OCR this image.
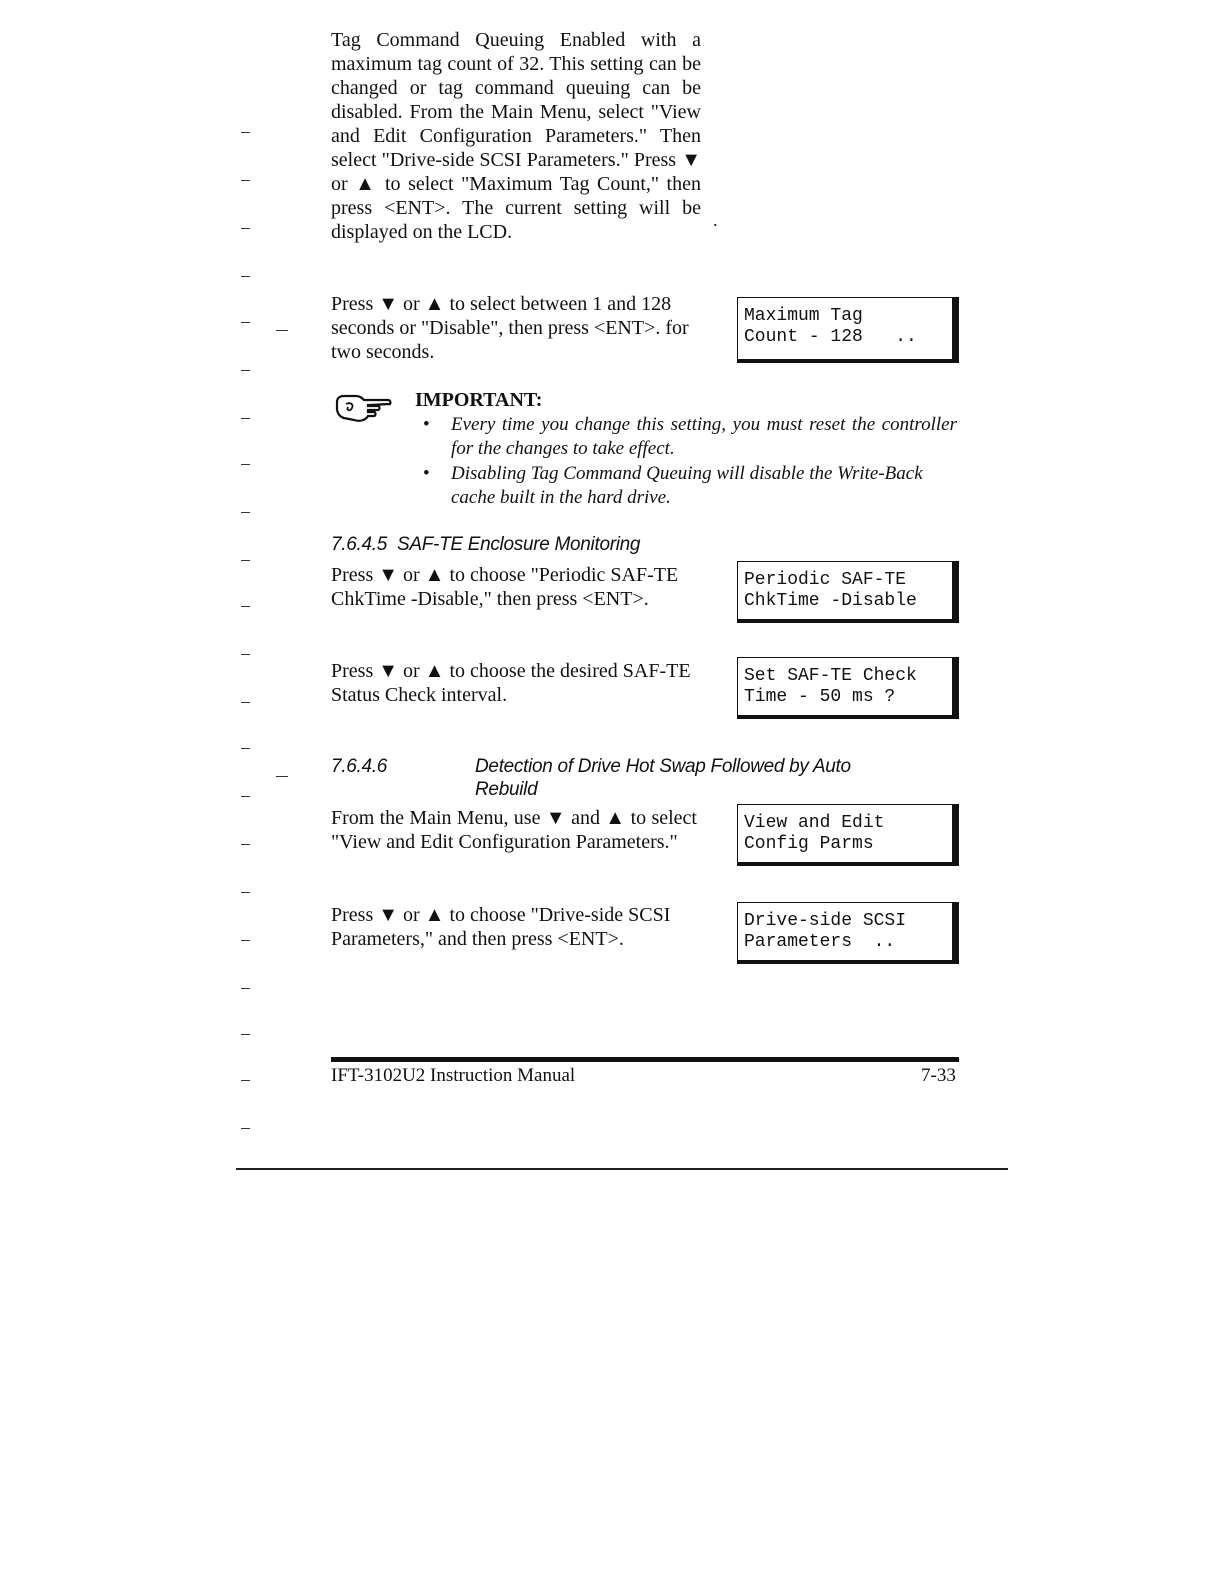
Tag Command Queuing Enabled with a maximum tag count of 32. This setting can be changed or tag command queuing can be disabled. From the Main Menu, select "View and Edit Configuration Parameters." Then select "Drive-side SCSI Parameters." Press ▼ or ▲ to select "Maximum Tag Count," then press <ENT>. The current setting will be displayed on the LCD.
.
Press ▼ or ▲ to select between 1 and 128 seconds or "Disable", then press <ENT>. for two seconds.
Maximum Tag
Count - 128   ..
IMPORTANT:
• Every time you change this setting, you must reset the controller for the changes to take effect.
• Disabling Tag Command Queuing will disable the Write-Back cache built in the hard drive.
7.6.4.5 SAF-TE Enclosure Monitoring
Press ▼ or ▲ to choose "Periodic SAF-TE ChkTime -Disable," then press <ENT>.
Periodic SAF-TE
ChkTime -Disable
Press ▼ or ▲ to choose the desired SAF-TE Status Check interval.
Set SAF-TE Check
Time - 50 ms ?
7.6.4.6	Detection of Drive Hot Swap Followed by Auto Rebuild
From the Main Menu, use ▼ and ▲ to select "View and Edit Configuration Parameters."
View and Edit
Config Parms
Press ▼ or ▲ to choose "Drive-side SCSI Parameters," and then press <ENT>.
Drive-side SCSI
Parameters  ..
IFT-3102U2 Instruction Manual	7-33
